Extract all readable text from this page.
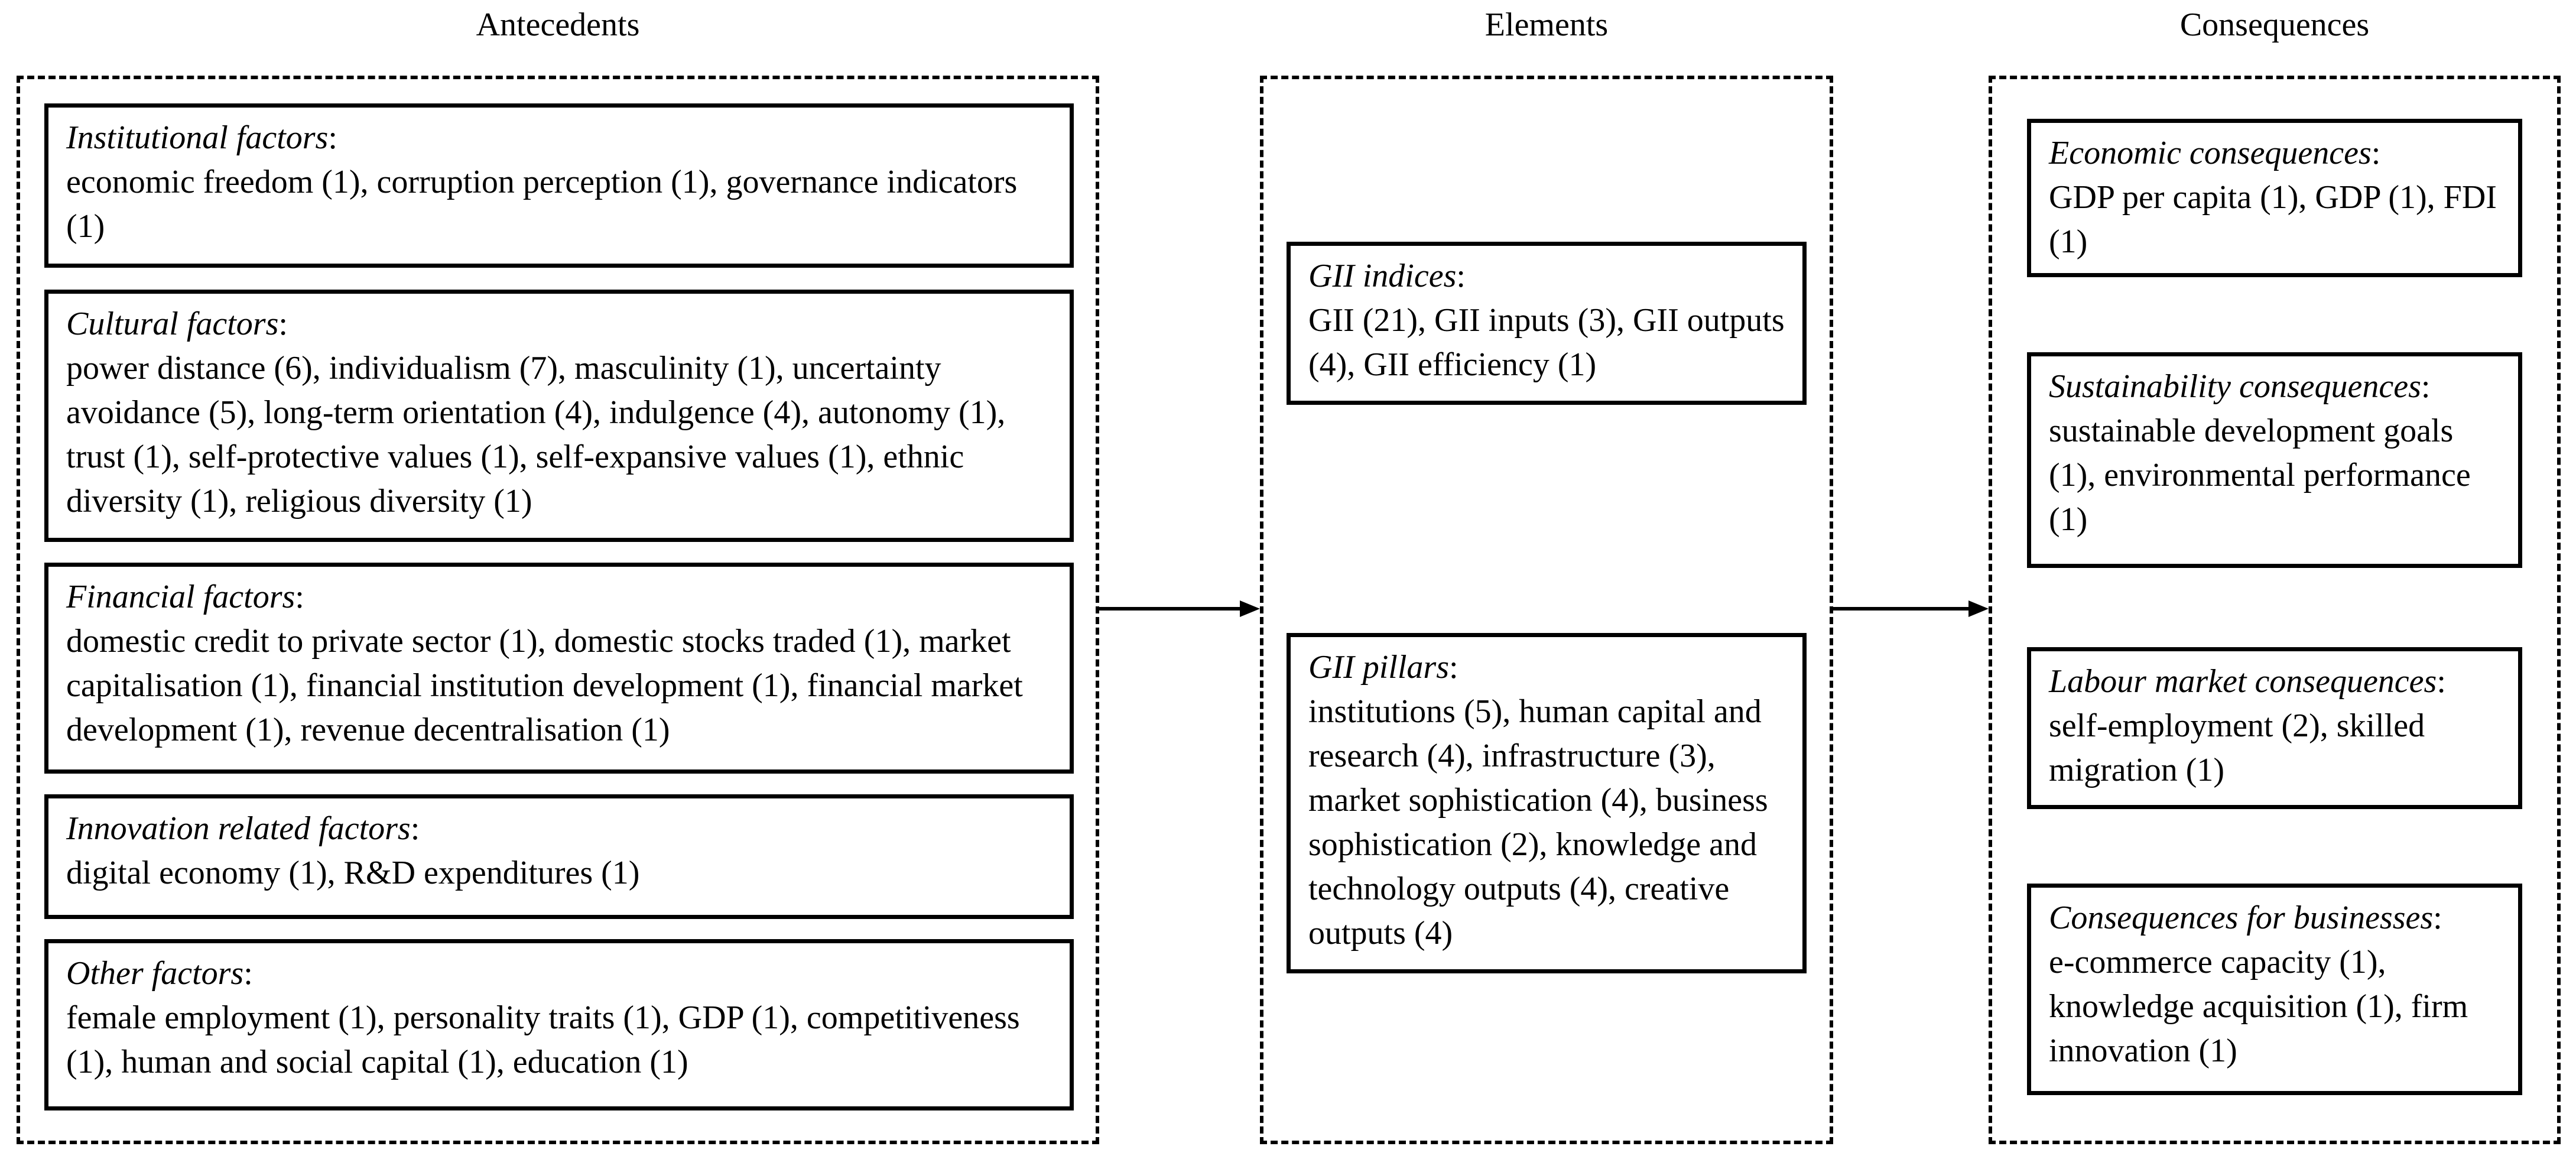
Antecedents	Elements	Consequences
Institutional factors:
economic freedom (1), corruption perception (1), governance indicators (1)
Cultural factors:
power distance (6), individualism (7), masculinity (1), uncertainty avoidance (5), long-term orientation (4), indulgence (4), autonomy (1), trust (1), self-protective values (1), self-expansive values (1), ethnic diversity (1), religious diversity (1)
Financial factors:
domestic credit to private sector (1), domestic stocks traded (1), market capitalisation (1), financial institution development (1), financial market development (1), revenue decentralisation (1)
Innovation related factors:
digital economy (1), R&D expenditures (1)
Other factors:
female employment (1), personality traits (1), GDP (1), competitiveness (1), human and social capital (1), education (1)
GII indices:
GII (21), GII inputs (3), GII outputs (4), GII efficiency (1)
GII pillars:
institutions (5), human capital and research (4), infrastructure (3), market sophistication (4), business sophistication (2), knowledge and technology outputs (4), creative outputs (4)
Economic consequences:
GDP per capita (1), GDP (1), FDI (1)
Sustainability consequences:
sustainable development goals (1), environmental performance (1)
Labour market consequences:
self-employment (2), skilled migration (1)
Consequences for businesses:
e-commerce capacity (1), knowledge acquisition (1), firm innovation (1)
